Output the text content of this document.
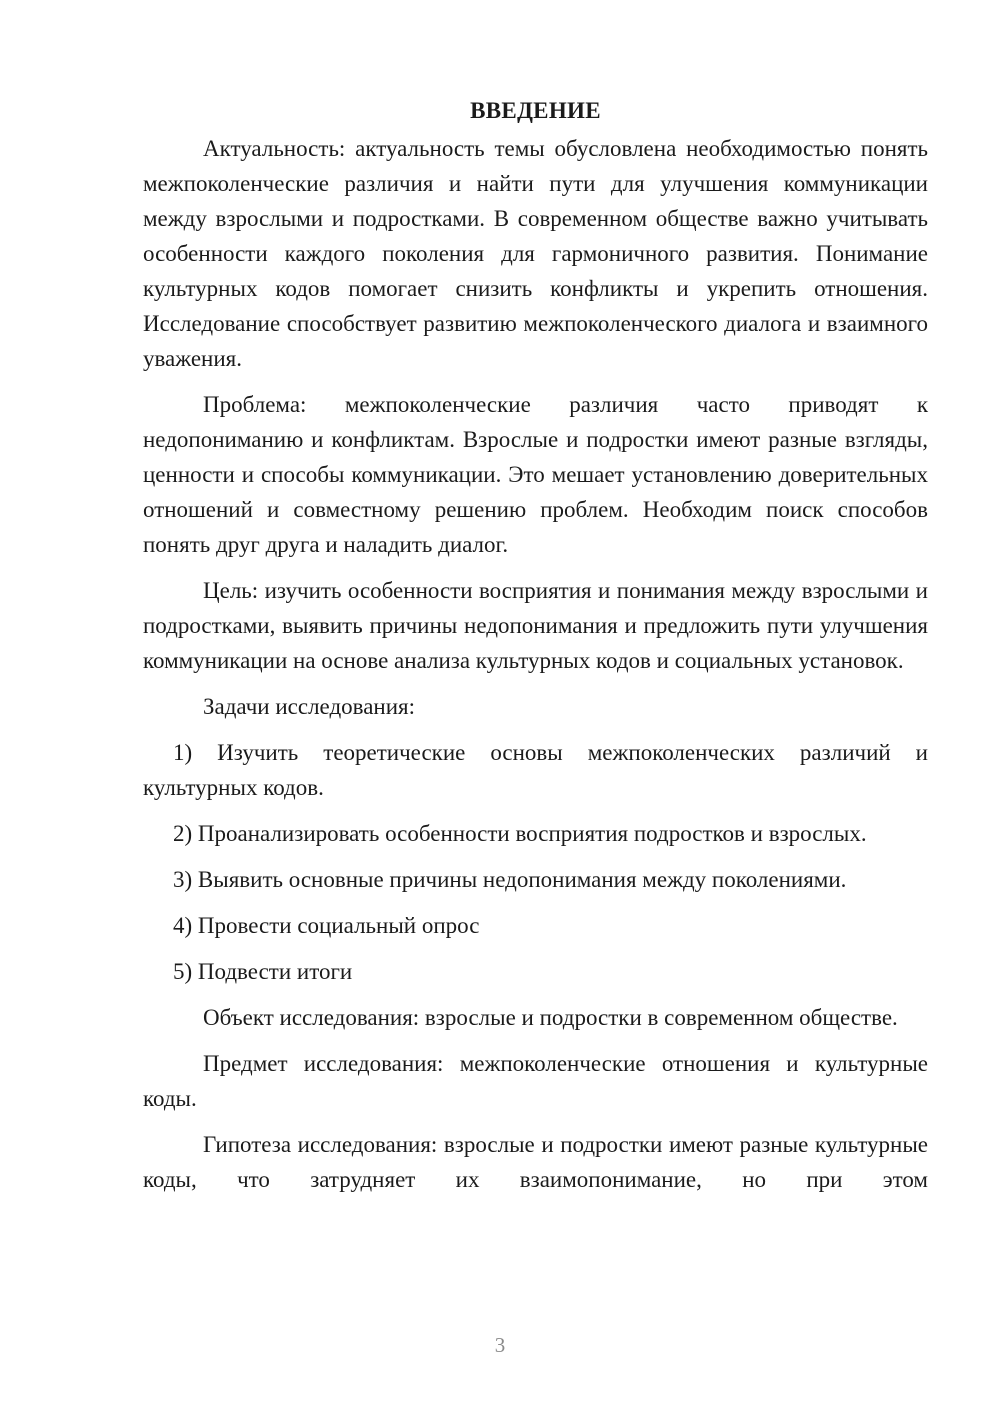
ВВЕДЕНИЕ

Актуальность: актуальность темы обусловлена необходимостью понять межпоколенческие различия и найти пути для улучшения коммуникации между взрослыми и подростками. В современном обществе важно учитывать особенности каждого поколения для гармоничного развития. Понимание культурных кодов помогает снизить конфликты и укрепить отношения. Исследование способствует развитию межпоколенческого диалога и взаимного уважения.

Проблема: межпоколенческие различия часто приводят к недопониманию и конфликтам. Взрослые и подростки имеют разные взгляды, ценности и способы коммуникации. Это мешает установлению доверительных отношений и совместному решению проблем. Необходим поиск способов понять друг друга и наладить диалог.

Цель: изучить особенности восприятия и понимания между взрослыми и подростками, выявить причины недопонимания и предложить пути улучшения коммуникации на основе анализа культурных кодов и социальных установок.

Задачи исследования:

1) Изучить теоретические основы межпоколенческих различий и культурных кодов.

2) Проанализировать особенности восприятия подростков и взрослых.

3) Выявить основные причины недопонимания между поколениями.

4) Провести социальный опрос

5) Подвести итоги

Объект исследования: взрослые и подростки в современном обществе.

Предмет исследования: межпоколенческие отношения и культурные коды.

Гипотеза исследования: взрослые и подростки имеют разные культурные коды, что затрудняет их взаимопонимание, но при этом

3
